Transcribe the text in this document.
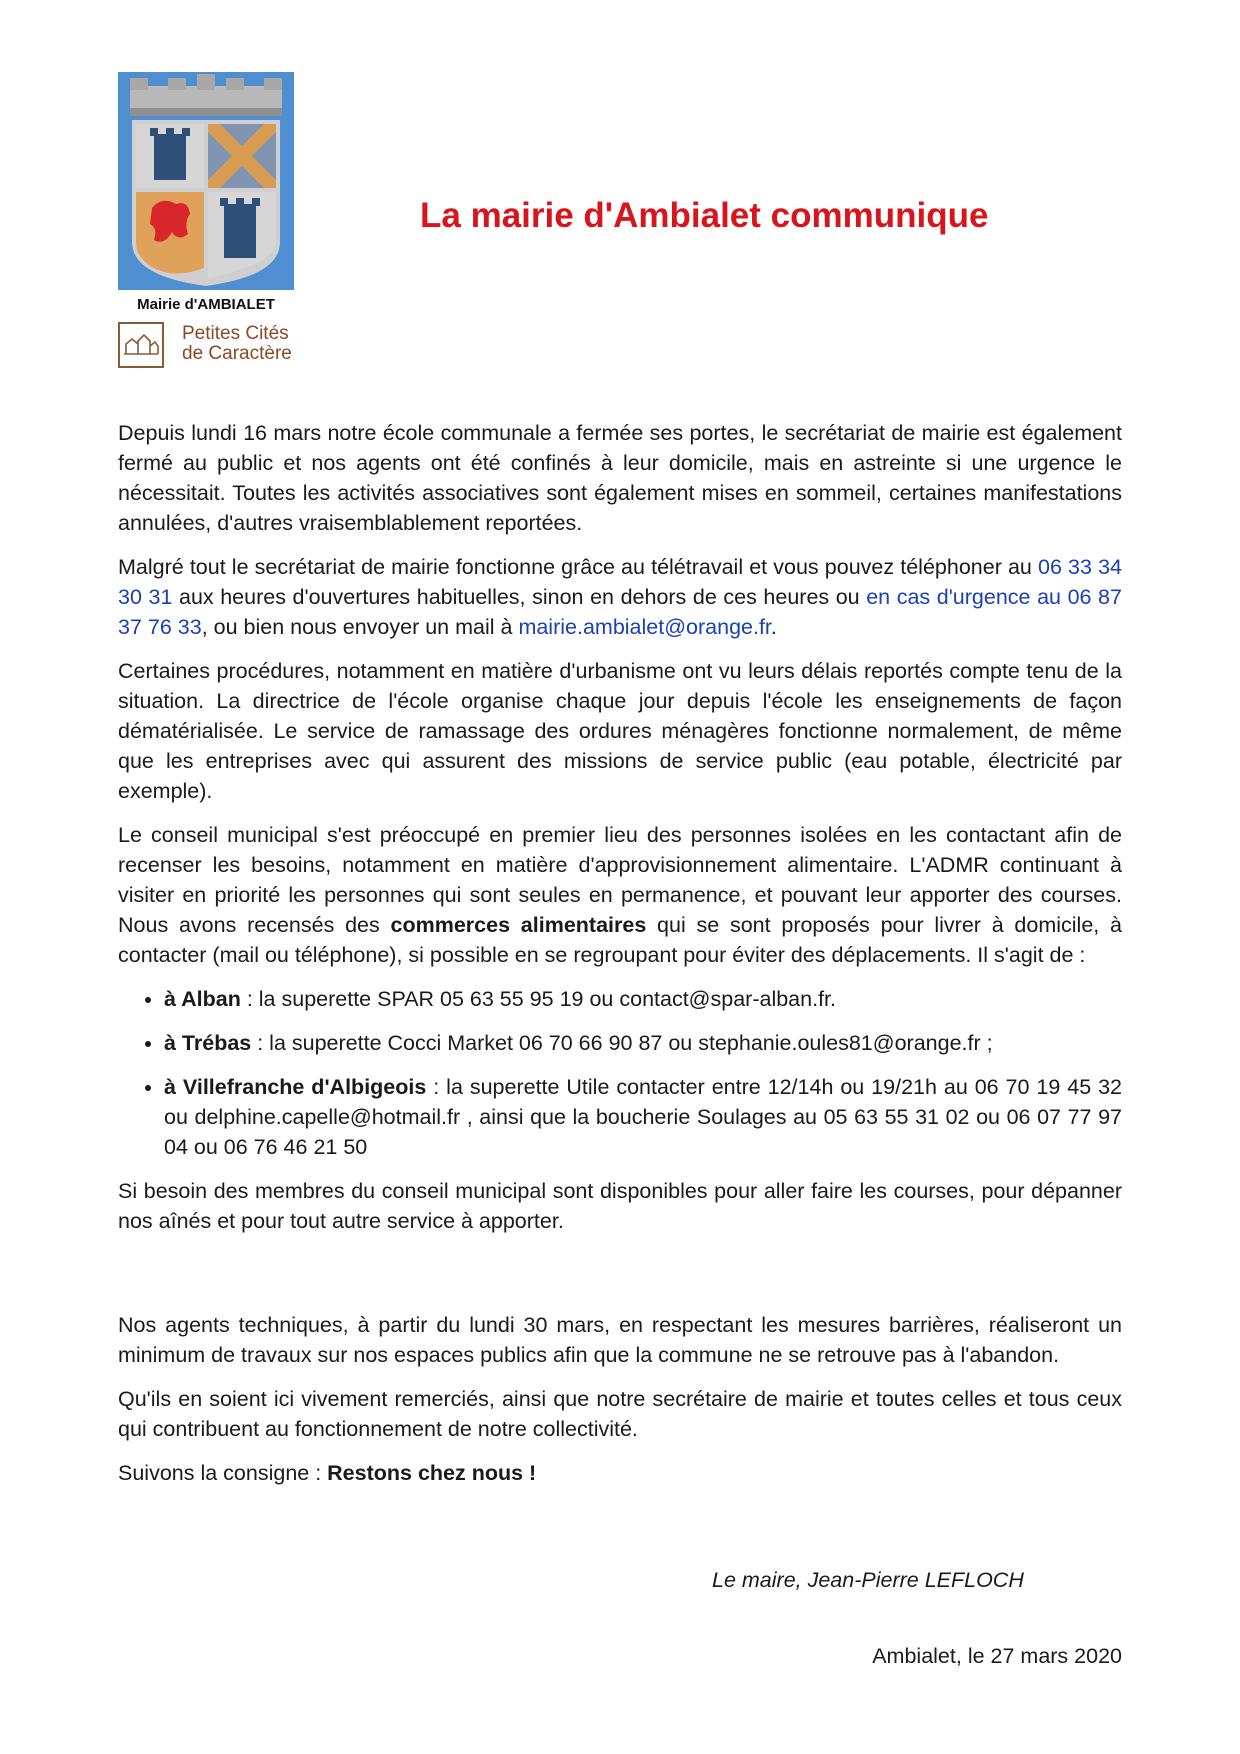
Mairie d'AMBIALET
Petites Cités
de Caractère
La mairie d'Ambialet communique

Depuis lundi 16 mars notre école communale a fermée ses portes, le secrétariat de mairie est également fermé au public et nos agents ont été confinés à leur domicile, mais en astreinte si une urgence le nécessitait. Toutes les activités associatives sont également mises en sommeil, certaines manifestations annulées, d'autres vraisemblablement reportées.

Malgré tout le secrétariat de mairie fonctionne grâce au télétravail et vous pouvez téléphoner au 06 33 34 30 31 aux heures d'ouvertures habituelles, sinon en dehors de ces heures ou en cas d'urgence au 06 87 37 76 33, ou bien nous envoyer un mail à mairie.ambialet@orange.fr.

Certaines procédures, notamment en matière d'urbanisme ont vu leurs délais reportés compte tenu de la situation. La directrice de l'école organise chaque jour depuis l'école les enseignements de façon dématérialisée. Le service de ramassage des ordures ménagères fonctionne normalement, de même que les entreprises avec qui assurent des missions de service public (eau potable, électricité par exemple).

Le conseil municipal s'est préoccupé en premier lieu des personnes isolées en les contactant afin de recenser les besoins, notamment en matière d'approvisionnement alimentaire. L'ADMR continuant à visiter en priorité les personnes qui sont seules en permanence, et pouvant leur apporter des courses. Nous avons recensés des commerces alimentaires qui se sont proposés pour livrer à domicile, à contacter (mail ou téléphone), si possible en se regroupant pour éviter des déplacements. Il s'agit de :

• à Alban : la superette SPAR 05 63 55 95 19 ou contact@spar-alban.fr.
• à Trébas : la superette Cocci Market 06 70 66 90 87 ou stephanie.oules81@orange.fr ;
• à Villefranche d'Albigeois : la superette Utile contacter entre 12/14h ou 19/21h au 06 70 19 45 32 ou delphine.capelle@hotmail.fr , ainsi que la boucherie Soulages au 05 63 55 31 02 ou 06 07 77 97 04 ou 06 76 46 21 50

Si besoin des membres du conseil municipal sont disponibles pour aller faire les courses, pour dépanner nos aînés et pour tout autre service à apporter.

Nos agents techniques, à partir du lundi 30 mars, en respectant les mesures barrières, réaliseront un minimum de travaux sur nos espaces publics afin que la commune ne se retrouve pas à l'abandon.

Qu'ils en soient ici vivement remerciés, ainsi que notre secrétaire de mairie et toutes celles et tous ceux qui contribuent au fonctionnement de notre collectivité.

Suivons la consigne : Restons chez nous !

Le maire, Jean-Pierre LEFLOCH
Ambialet, le 27 mars 2020
